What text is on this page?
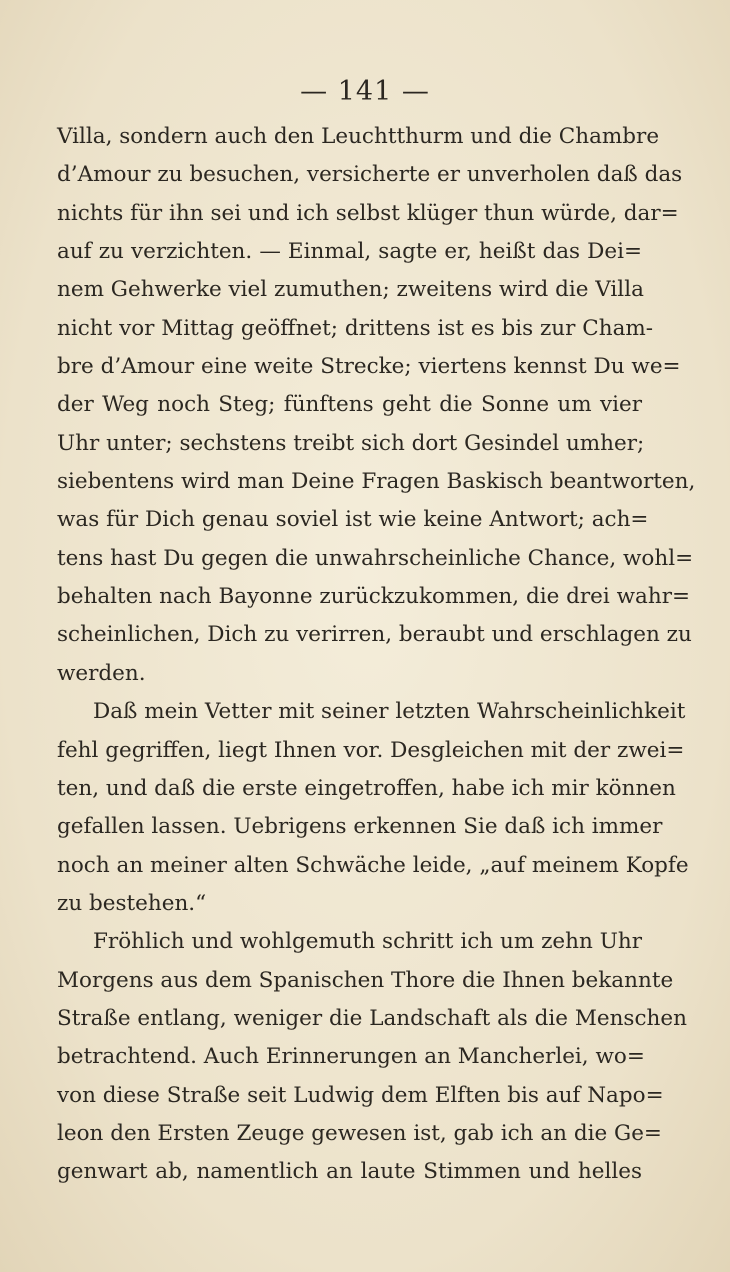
— 141 —
Villa, sondern auch den Leuchtthurm und die Chambre
d’Amour zu besuchen, versicherte er unverholen daß das
nichts für ihn sei und ich selbst klüger thun würde, dar=
auf zu verzichten. — Einmal, sagte er, heißt das Dei=
nem Gehwerke viel zumuthen; zweitens wird die Villa
nicht vor Mittag geöffnet; drittens ist es bis zur Cham-
bre d’Amour eine weite Strecke; viertens kennst Du we=
der Weg noch Steg; fünftens geht die Sonne um vier
Uhr unter; sechstens treibt sich dort Gesindel umher;
siebentens wird man Deine Fragen Baskisch beantworten,
was für Dich genau soviel ist wie keine Antwort; ach=
tens hast Du gegen die unwahrscheinliche Chance, wohl=
behalten nach Bayonne zurückzukommen, die drei wahr=
scheinlichen, Dich zu verirren, beraubt und erschlagen zu
werden.
Daß mein Vetter mit seiner letzten Wahrscheinlichkeit
fehl gegriffen, liegt Ihnen vor. Desgleichen mit der zwei=
ten, und daß die erste eingetroffen, habe ich mir können
gefallen lassen. Uebrigens erkennen Sie daß ich immer
noch an meiner alten Schwäche leide, „auf meinem Kopfe
zu bestehen.“
Fröhlich und wohlgemuth schritt ich um zehn Uhr
Morgens aus dem Spanischen Thore die Ihnen bekannte
Straße entlang, weniger die Landschaft als die Menschen
betrachtend. Auch Erinnerungen an Mancherlei, wo=
von diese Straße seit Ludwig dem Elften bis auf Napo=
leon den Ersten Zeuge gewesen ist, gab ich an die Ge=
genwart ab, namentlich an laute Stimmen und helles
